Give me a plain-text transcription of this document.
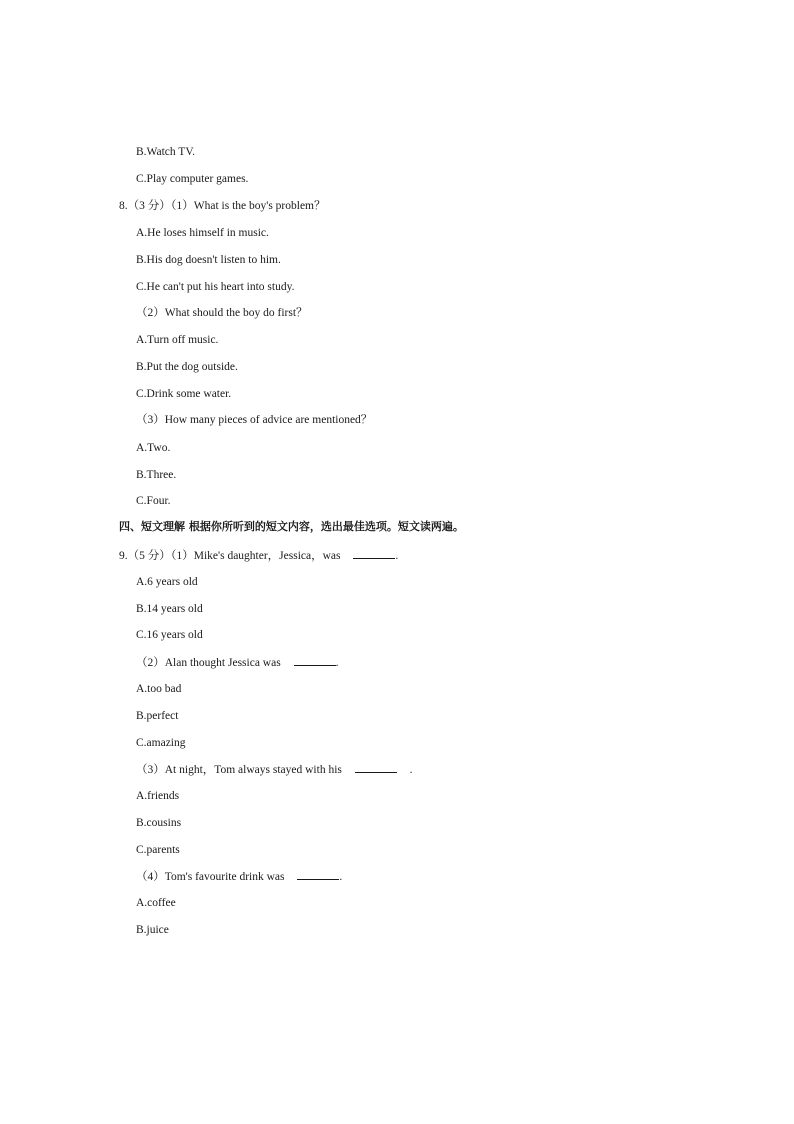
B.Watch TV.
C.Play computer games.
8.（3 分）（1）What is the boy's problem？
A.He loses himself in music.
B.His dog doesn't listen to him.
C.He can't put his heart into study.
（2）What should the boy do first？
A.Turn off music.
B.Put the dog outside.
C.Drink some water.
（3）How many pieces of advice are mentioned？
A.Two.
B.Three.
C.Four.
四、短文理解 根据你所听到的短文内容，选出最佳选项。短文读两遍。
9.（5 分）（1）Mike's daughter，Jessica，was	.
A.6 years old
B.14 years old
C.16 years old
（2）Alan thought Jessica was	.
A.too bad
B.perfect
C.amazing
（3）At night，Tom always stayed with his	.
A.friends
B.cousins
C.parents
（4）Tom's favourite drink was	.
A.coffee
B.juice
